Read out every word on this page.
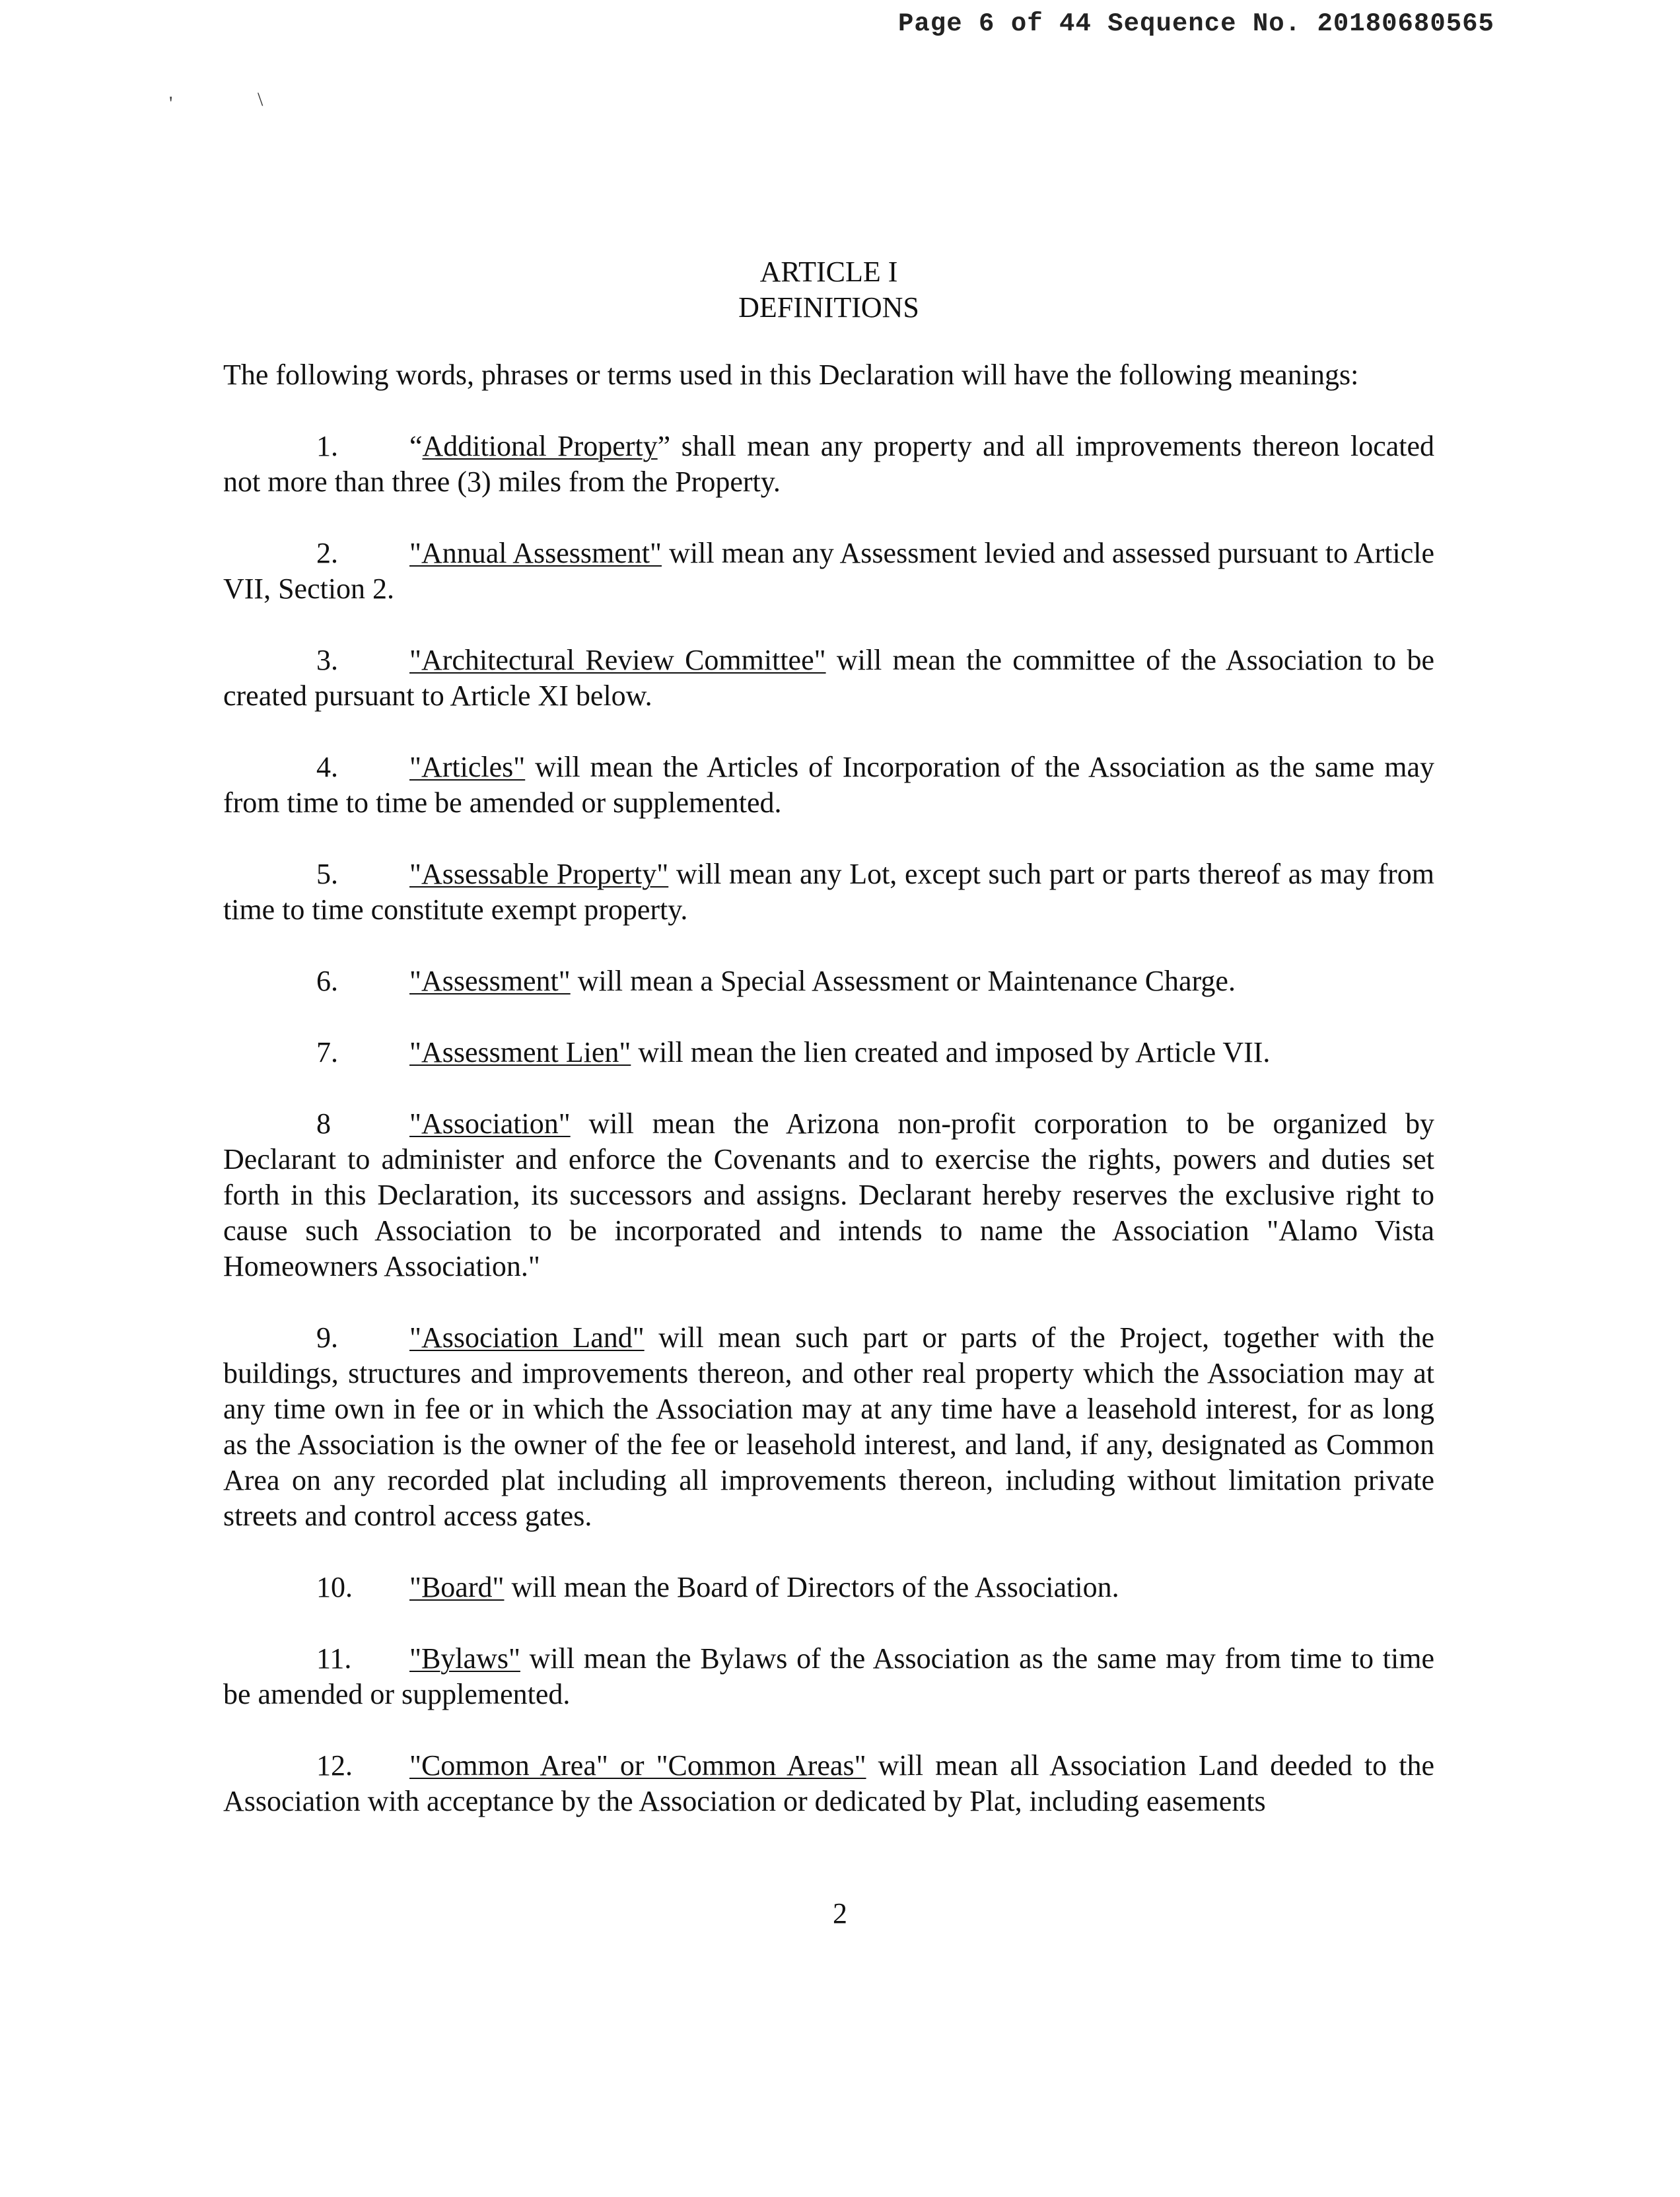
Page 6 of 44 Sequence No. 20180680565
'	\

ARTICLE I

DEFINITIONS

The following words, phrases or terms used in this Declaration will have the following meanings:

1. “Additional Property” shall mean any property and all improvements thereon located not more than three (3) miles from the Property.

2. "Annual Assessment" will mean any Assessment levied and assessed pursuant to Article VII, Section 2.

3. "Architectural Review Committee" will mean the committee of the Association to be created pursuant to Article XI below.

4. "Articles" will mean the Articles of Incorporation of the Association as the same may from time to time be amended or supplemented.

5. "Assessable Property" will mean any Lot, except such part or parts thereof as may from time to time constitute exempt property.

6. "Assessment" will mean a Special Assessment or Maintenance Charge.

7. "Assessment Lien" will mean the lien created and imposed by Article VII.

8	"Association" will mean the Arizona non-profit corporation to be organized by Declarant to administer and enforce the Covenants and to exercise the rights, powers and duties set forth in this Declaration, its successors and assigns. Declarant hereby reserves the exclusive right to cause such Association to be incorporated and intends to name the Association "Alamo Vista Homeowners Association."

9. "Association Land" will mean such part or parts of the Project, together with the buildings, structures and improvements thereon, and other real property which the Association may at any time own in fee or in which the Association may at any time have a leasehold interest, for as long as the Association is the owner of the fee or leasehold interest, and land, if any, designated as Common Area on any recorded plat including all improvements thereon, including without limitation private streets and control access gates.

10. "Board" will mean the Board of Directors of the Association.

11. "Bylaws" will mean the Bylaws of the Association as the same may from time to time be amended or supplemented.

12. "Common Area" or "Common Areas" will mean all Association Land deeded to the Association with acceptance by the Association or dedicated by Plat, including easements

2
